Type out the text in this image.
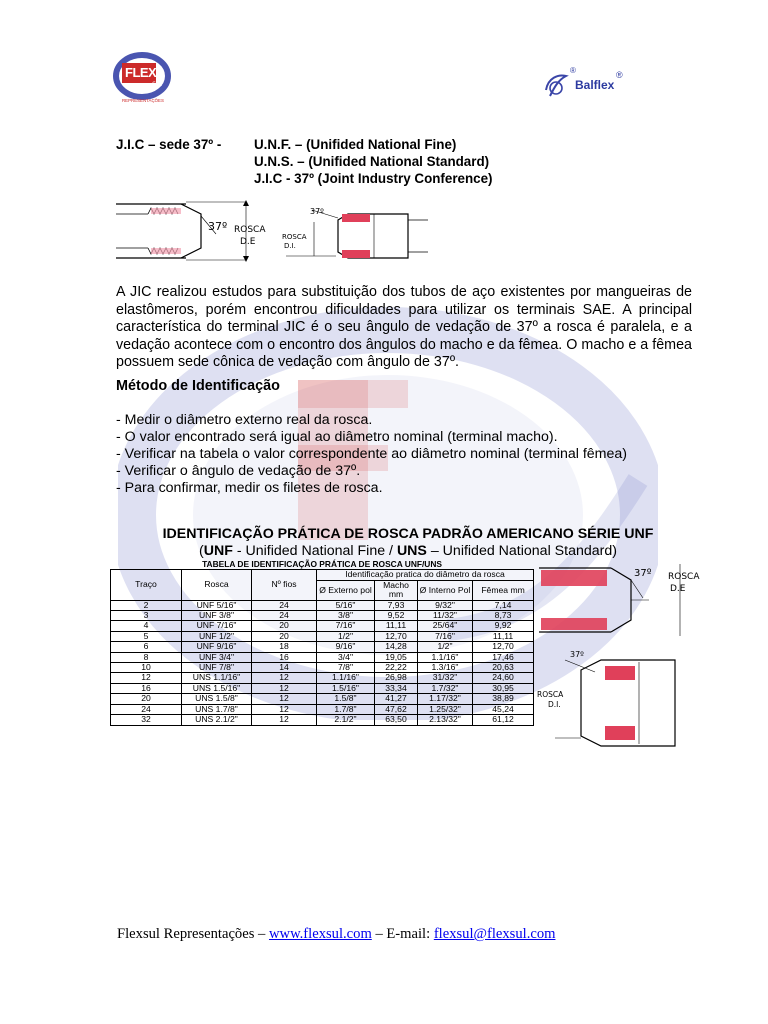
FLEX
sul
REPRESENTAÇÕES
Balflex
®
®
J.I.C – sede 37º - U.N.F. – (Unifided National Fine)
U.N.S. – (Unifided National Standard)
J.I.C - 37º (Joint Industry Conference)
37º ROSCA
D.E
37º
ROSCA
D.I.
A JIC realizou estudos para substituição dos tubos de aço existentes por mangueiras de elastômeros, porém encontrou dificuldades para utilizar os terminais SAE. A principal característica do terminal JIC é o seu ângulo de vedação de 37º a rosca é paralela, e a vedação acontece com o encontro dos ângulos do macho e da fêmea. O macho e a fêmea possuem sede cônica de vedação com ângulo de 37º.
Método de Identificação
- Medir o diâmetro externo real da rosca.
- O valor encontrado será igual ao diâmetro nominal (terminal macho).
- Verificar na tabela o valor correspondente ao diâmetro nominal (terminal fêmea)
- Verificar o ângulo de vedação de 37º.
- Para confirmar, medir os filetes de rosca.
IDENTIFICAÇÃO PRÁTICA DE ROSCA PADRÃO AMERICANO SÉRIE UNF
(UNF - Unifided National Fine / UNS – Unifided National Standard)
TABELA DE IDENTIFICAÇÃO PRÁTICA DE ROSCA UNF/UNS						
Traço	Rosca	Nº fios	Identificação pratica do diâmetro da rosca			
			Ø Externo pol	Macho mm	Ø Interno Pol	Fêmea mm
2	UNF 5/16"	24	5/16"	7,93	9/32"	7,14
3	UNF 3/8"	24	3/8"	9,52	11/32"	8,73
4	UNF 7/16"	20	7/16"	11,11	25/64"	9,92
5	UNF 1/2"	20	1/2"	12,70	7/16"	11,11
6	UNF 9/16"	18	9/16"	14,28	1/2"	12,70
8	UNF 3/4"	16	3/4"	19,05	1.1/16"	17,46
10	UNF 7/8"	14	7/8"	22,22	1.3/16"	20,63
12	UNS 1.1/16"	12	1.1/16"	26,98	31/32"	24,60
16	UNS 1.5/16"	12	1.5/16"	33,34	1.7/32"	30,95
20	UNS 1.5/8"	12	1.5/8"	41,27	1.17/32"	38,89
24	UNS 1.7/8"	12	1.7/8"	47,62	1.25/32"	45,24
32	UNS 2.1/2"	12	2.1/2"	63,50	2.13/32"	61,12
37º ROSCA
D.E
37º
ROSCA
D.I.
Flexsul Representações – www.flexsul.com – E-mail: flexsul@flexsul.com
